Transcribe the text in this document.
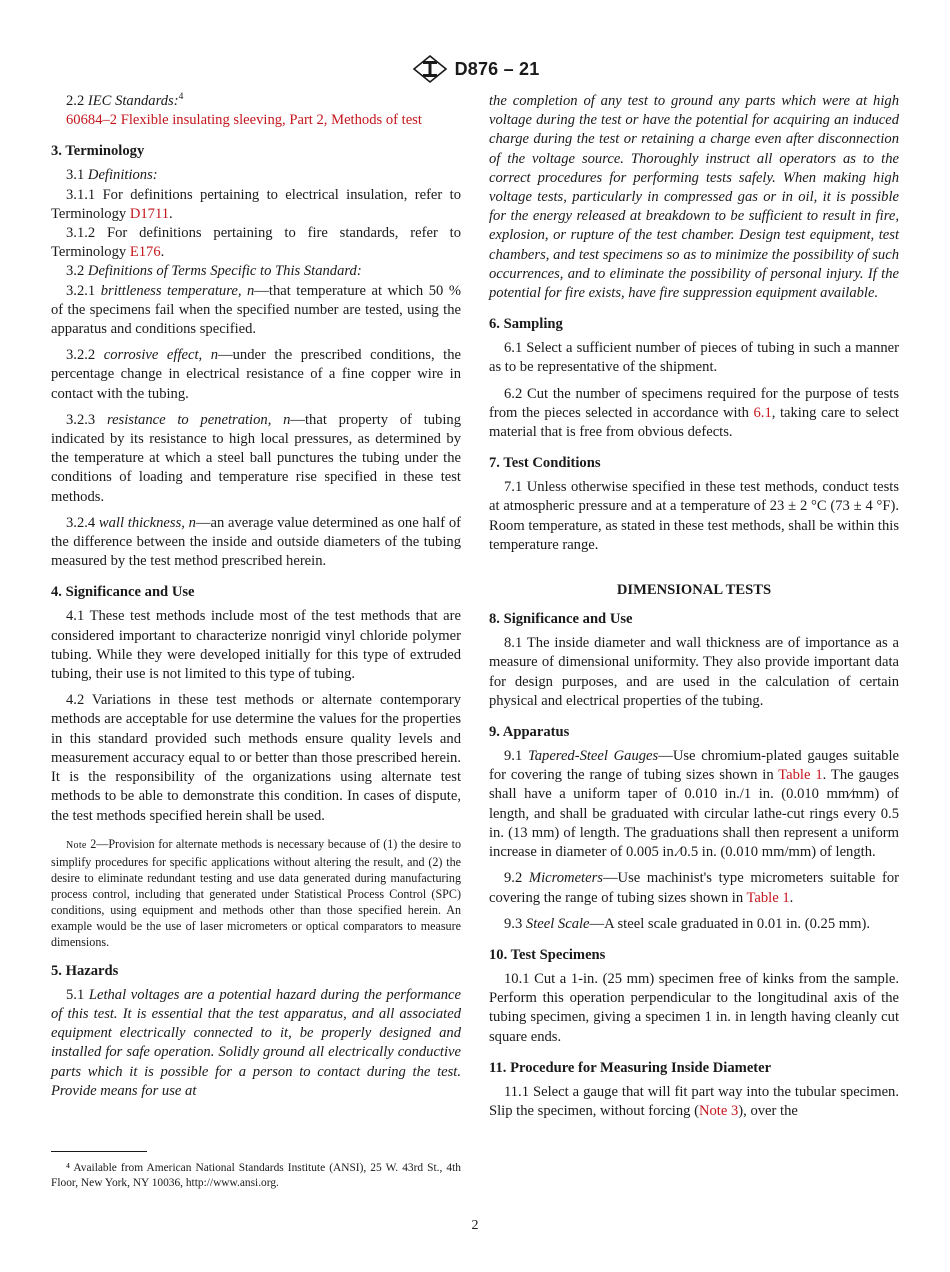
D876 – 21

2.2 IEC Standards:$^4$

60684–2 Flexible insulating sleeving, Part 2, Methods of test

3. Terminology

3.1 Definitions:

3.1.1 For definitions pertaining to electrical insulation, refer to Terminology D1711.

3.1.2 For definitions pertaining to fire standards, refer to Terminology E176.

3.2 Definitions of Terms Specific to This Standard:

3.2.1 brittleness temperature, n—that temperature at which 50 % of the specimens fail when the specified number are tested, using the apparatus and conditions specified.

3.2.2 corrosive effect, n—under the prescribed conditions, the percentage change in electrical resistance of a fine copper wire in contact with the tubing.

3.2.3 resistance to penetration, n—that property of tubing indicated by its resistance to high local pressures, as determined by the temperature at which a steel ball punctures the tubing under the conditions of loading and temperature rise specified in these test methods.

3.2.4 wall thickness, n—an average value determined as one half of the difference between the inside and outside diameters of the tubing measured by the test method prescribed herein.

4. Significance and Use

4.1 These test methods include most of the test methods that are considered important to characterize nonrigid vinyl chloride polymer tubing. While they were developed initially for this type of extruded tubing, their use is not limited to this type of tubing.

4.2 Variations in these test methods or alternate contemporary methods are acceptable for use determine the values for the properties in this standard provided such methods ensure quality levels and measurement accuracy equal to or better than those prescribed herein. It is the responsibility of the organizations using alternate test methods to be able to demonstrate this condition. In cases of dispute, the test methods specified herein shall be used.

Note 2—Provision for alternate methods is necessary because of (1) the desire to simplify procedures for specific applications without altering the result, and (2) the desire to eliminate redundant testing and use data generated during manufacturing process control, including that generated under Statistical Process Control (SPC) conditions, using equipment and methods other than those specified herein. An example would be the use of laser micrometers or optical comparators to measure dimensions.

5. Hazards

5.1 Lethal voltages are a potential hazard during the performance of this test. It is essential that the test apparatus, and all associated equipment electrically connected to it, be properly designed and installed for safe operation. Solidly ground all electrically conductive parts which it is possible for a person to contact during the test. Provide means for use at

the completion of any test to ground any parts which were at high voltage during the test or have the potential for acquiring an induced charge during the test or retaining a charge even after disconnection of the voltage source. Thoroughly instruct all operators as to the correct procedures for performing tests safely. When making high voltage tests, particularly in compressed gas or in oil, it is possible for the energy released at breakdown to be sufficient to result in fire, explosion, or rupture of the test chamber. Design test equipment, test chambers, and test specimens so as to minimize the possibility of such occurrences, and to eliminate the possibility of personal injury. If the potential for fire exists, have fire suppression equipment available.

6. Sampling

6.1 Select a sufficient number of pieces of tubing in such a manner as to be representative of the shipment.

6.2 Cut the number of specimens required for the purpose of tests from the pieces selected in accordance with 6.1, taking care to select material that is free from obvious defects.

7. Test Conditions

7.1 Unless otherwise specified in these test methods, conduct tests at atmospheric pressure and at a temperature of 23 ± 2 °C (73 ± 4 °F). Room temperature, as stated in these test methods, shall be within this temperature range.

DIMENSIONAL TESTS
8. Significance and Use

8.1 The inside diameter and wall thickness are of importance as a measure of dimensional uniformity. They also provide important data for design purposes, and are used in the calculation of certain physical and electrical properties of the tubing.

9. Apparatus

9.1 Tapered-Steel Gauges—Use chromium-plated gauges suitable for covering the range of tubing sizes shown in Table 1. The gauges shall have a uniform taper of 0.010 in./1 in. (0.010 mm⁄mm) of length, and shall be graduated with circular lathe-cut rings every 0.5 in. (13 mm) of length. The graduations shall then represent a uniform increase in diameter of 0.005 in.⁄0.5 in. (0.010 mm/mm) of length.

9.2 Micrometers—Use machinist's type micrometers suitable for covering the range of tubing sizes shown in Table 1.

9.3 Steel Scale—A steel scale graduated in 0.01 in. (0.25 mm).

10. Test Specimens

10.1 Cut a 1-in. (25 mm) specimen free of kinks from the sample. Perform this operation perpendicular to the longitudinal axis of the tubing specimen, giving a specimen 1 in. in length having cleanly cut square ends.

11. Procedure for Measuring Inside Diameter

11.1 Select a gauge that will fit part way into the tubular specimen. Slip the specimen, without forcing (Note 3), over the

⁴ Available from American National Standards Institute (ANSI), 25 W. 43rd St., 4th Floor, New York, NY 10036, http://www.ansi.org.

2
